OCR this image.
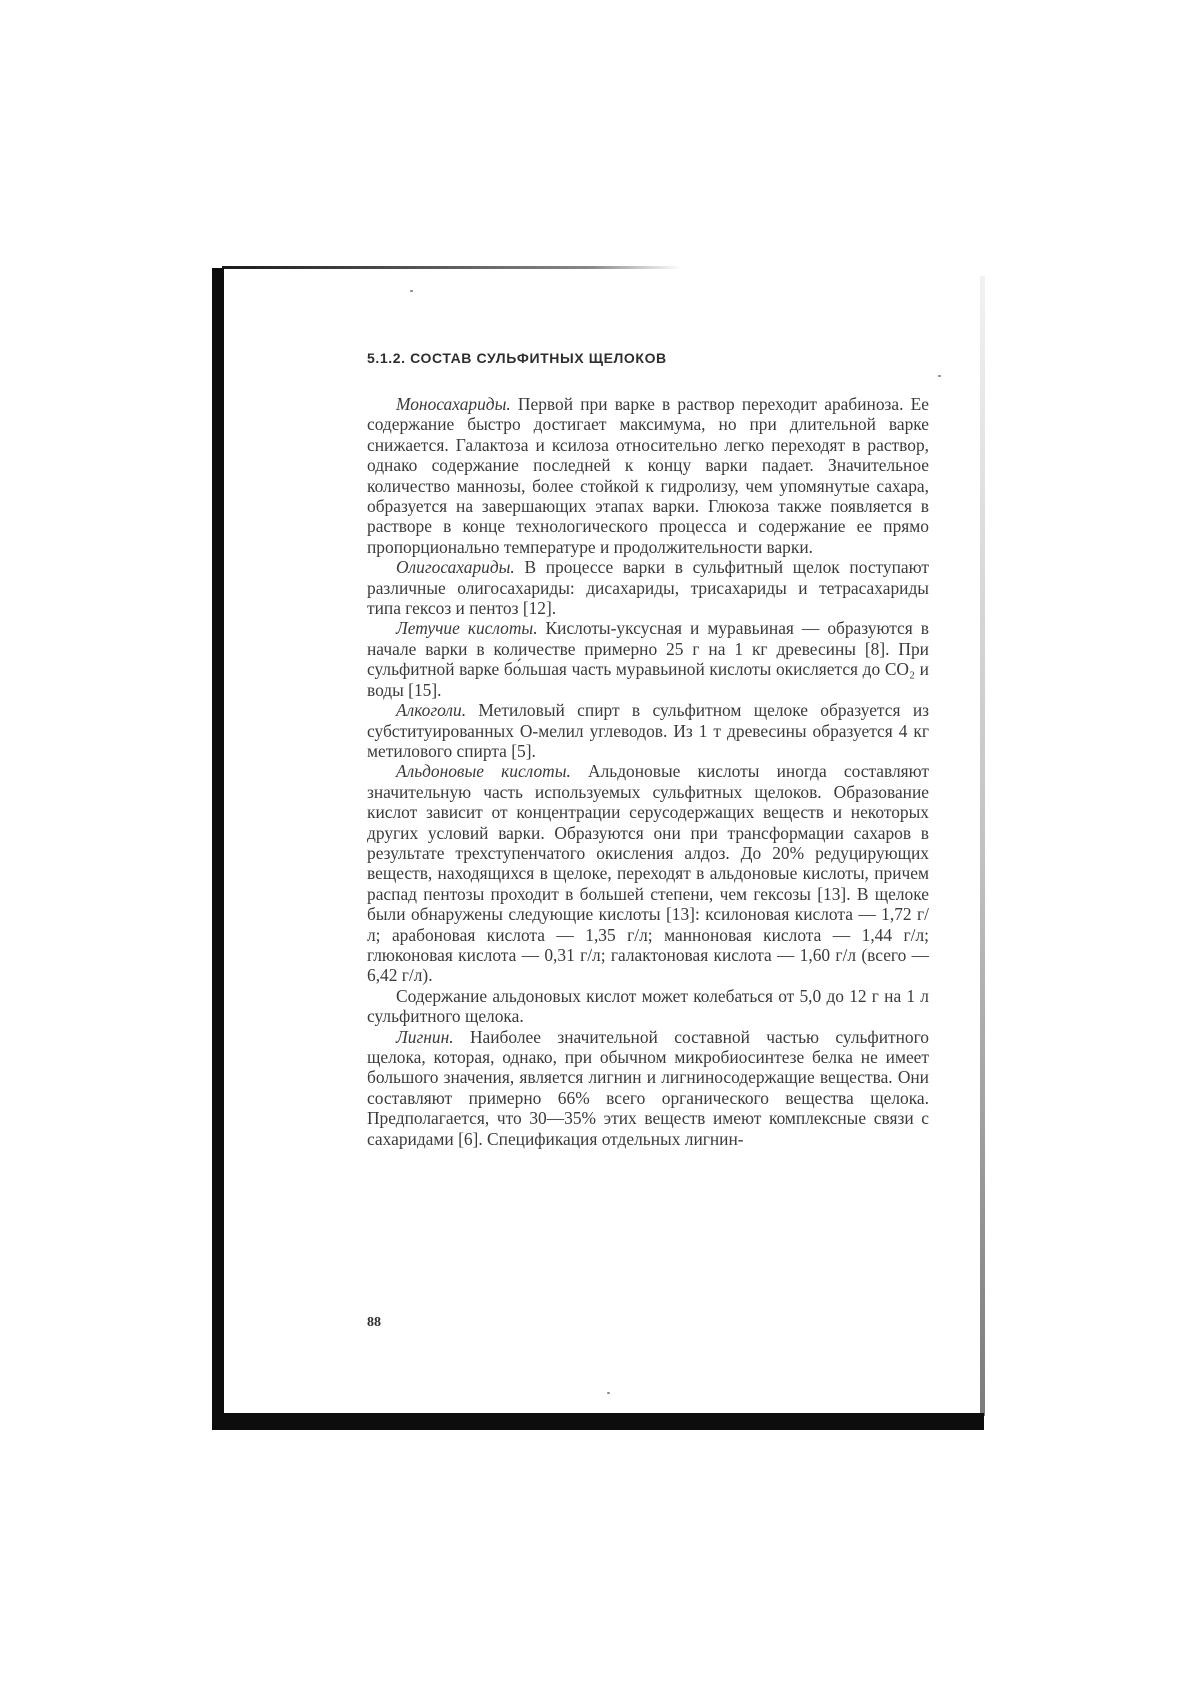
5.1.2. СОСТАВ СУЛЬФИТНЫХ ЩЕЛОКОВ

Моносахариды. Первой при варке в раствор переходит арабиноза. Ее содержание быстро достигает максимума, но при длительной варке снижается. Галактоза и ксилоза относительно легко переходят в раствор, однако содержание последней к концу варки падает. Значительное количество маннозы, более стойкой к гидролизу, чем упомянутые сахара, образуется на завершающих этапах варки. Глюкоза также появляется в растворе в конце технологического процесса и содержание ее прямо пропорционально температуре и продолжительности варки.

Олигосахариды. В процессе варки в сульфитный щелок поступают различные олигосахариды: дисахариды, трисахариды и тетрасахариды типа гексоз и пентоз [12].

Летучие кислоты. Кислоты-уксусная и муравьиная — образуются в начале варки в количестве примерно 25 г на 1 кг древесины [8]. При сульфитной варке бо́льшая часть муравьиной кислоты окисляется до CO₂ и воды [15].

Алкоголи. Метиловый спирт в сульфитном щелоке образуется из субституированных О-мелил углеводов. Из 1 т древесины образуется 4 кг метилового спирта [5].

Альдоновые кислоты. Альдоновые кислоты иногда составляют значительную часть используемых сульфитных щелоков. Образование кислот зависит от концентрации серусодержащих веществ и некоторых других условий варки. Образуются они при трансформации сахаров в результате трехступенчатого окисления алдоз. До 20% редуцирующих веществ, находящихся в щелоке, переходят в альдоновые кислоты, причем распад пентозы проходит в большей степени, чем гексозы [13]. В щелоке были обнаружены следующие кислоты [13]: ксилоновая кислота — 1,72 г/л; арабоновая кислота — 1,35 г/л; манноновая кислота — 1,44 г/л; глюконовая кислота — 0,31 г/л; галактоновая кислота — 1,60 г/л (всего — 6,42 г/л).

Содержание альдоновых кислот может колебаться от 5,0 до 12 г на 1 л сульфитного щелока.

Лигнин. Наиболее значительной составной частью сульфитного щелока, которая, однако, при обычном микробиосинтезе белка не имеет большого значения, является лигнин и лигниносодержащие вещества. Они составляют примерно 66% всего органического вещества щелока. Предполагается, что 30—35% этих веществ имеют комплексные связи с сахаридами [6]. Спецификация отдельных лигнин-

88
